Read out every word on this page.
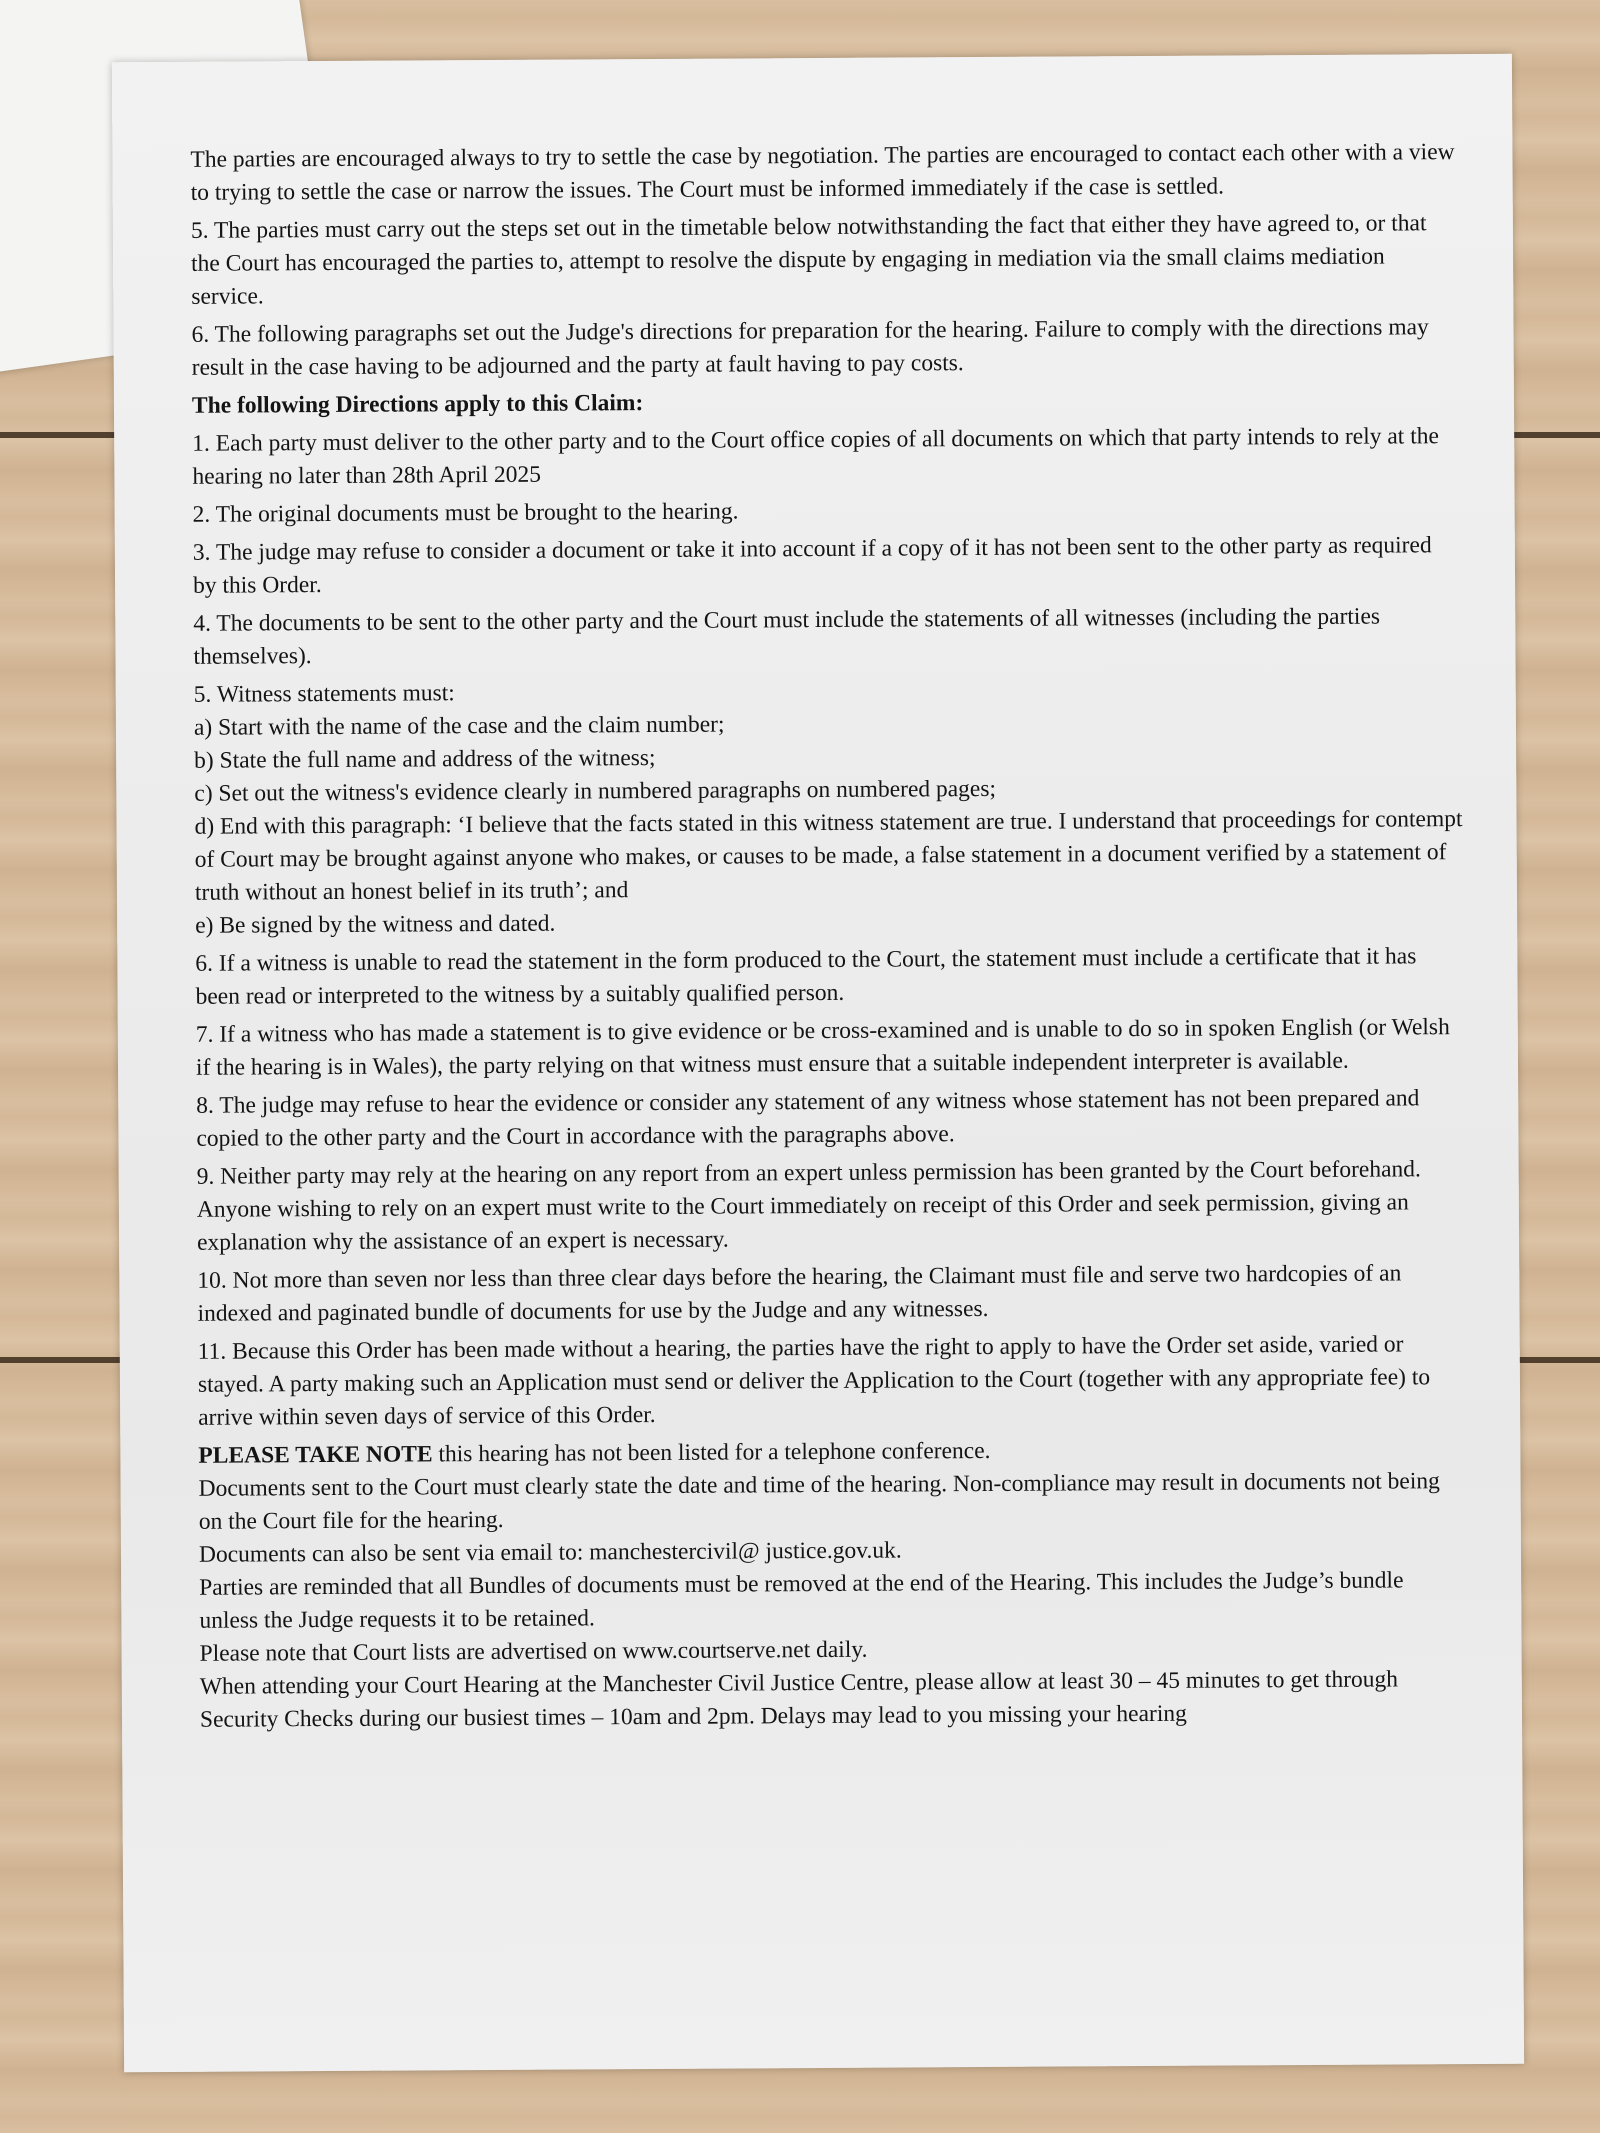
The parties are encouraged always to try to settle the case by negotiation. The parties are encouraged to contact each other with a view to trying to settle the case or narrow the issues. The Court must be informed immediately if the case is settled.

5. The parties must carry out the steps set out in the timetable below notwithstanding the fact that either they have agreed to, or that the Court has encouraged the parties to, attempt to resolve the dispute by engaging in mediation via the small claims mediation service.

6. The following paragraphs set out the Judge's directions for preparation for the hearing. Failure to comply with the directions may result in the case having to be adjourned and the party at fault having to pay costs.

The following Directions apply to this Claim:

1. Each party must deliver to the other party and to the Court office copies of all documents on which that party intends to rely at the hearing no later than 28th April 2025

2. The original documents must be brought to the hearing.

3. The judge may refuse to consider a document or take it into account if a copy of it has not been sent to the other party as required by this Order.

4. The documents to be sent to the other party and the Court must include the statements of all witnesses (including the parties themselves).

5. Witness statements must:

a) Start with the name of the case and the claim number;

b) State the full name and address of the witness;

c) Set out the witness's evidence clearly in numbered paragraphs on numbered pages;

d) End with this paragraph: ‘I believe that the facts stated in this witness statement are true. I understand that proceedings for contempt of Court may be brought against anyone who makes, or causes to be made, a false statement in a document verified by a statement of truth without an honest belief in its truth’; and

e) Be signed by the witness and dated.

6. If a witness is unable to read the statement in the form produced to the Court, the statement must include a certificate that it has been read or interpreted to the witness by a suitably qualified person.

7. If a witness who has made a statement is to give evidence or be cross-examined and is unable to do so in spoken English (or Welsh if the hearing is in Wales), the party relying on that witness must ensure that a suitable independent interpreter is available.

8. The judge may refuse to hear the evidence or consider any statement of any witness whose statement has not been prepared and copied to the other party and the Court in accordance with the paragraphs above.

9. Neither party may rely at the hearing on any report from an expert unless permission has been granted by the Court beforehand. Anyone wishing to rely on an expert must write to the Court immediately on receipt of this Order and seek permission, giving an explanation why the assistance of an expert is necessary.

10. Not more than seven nor less than three clear days before the hearing, the Claimant must file and serve two hardcopies of an indexed and paginated bundle of documents for use by the Judge and any witnesses.

11. Because this Order has been made without a hearing, the parties have the right to apply to have the Order set aside, varied or stayed. A party making such an Application must send or deliver the Application to the Court (together with any appropriate fee) to arrive within seven days of service of this Order.

PLEASE TAKE NOTE this hearing has not been listed for a telephone conference.

Documents sent to the Court must clearly state the date and time of the hearing. Non-compliance may result in documents not being on the Court file for the hearing.

Documents can also be sent via email to: manchestercivil@ justice.gov.uk.

Parties are reminded that all Bundles of documents must be removed at the end of the Hearing. This includes the Judge’s bundle unless the Judge requests it to be retained.

Please note that Court lists are advertised on www.courtserve.net daily.

When attending your Court Hearing at the Manchester Civil Justice Centre, please allow at least 30 – 45 minutes to get through Security Checks during our busiest times – 10am and 2pm. Delays may lead to you missing your hearing
